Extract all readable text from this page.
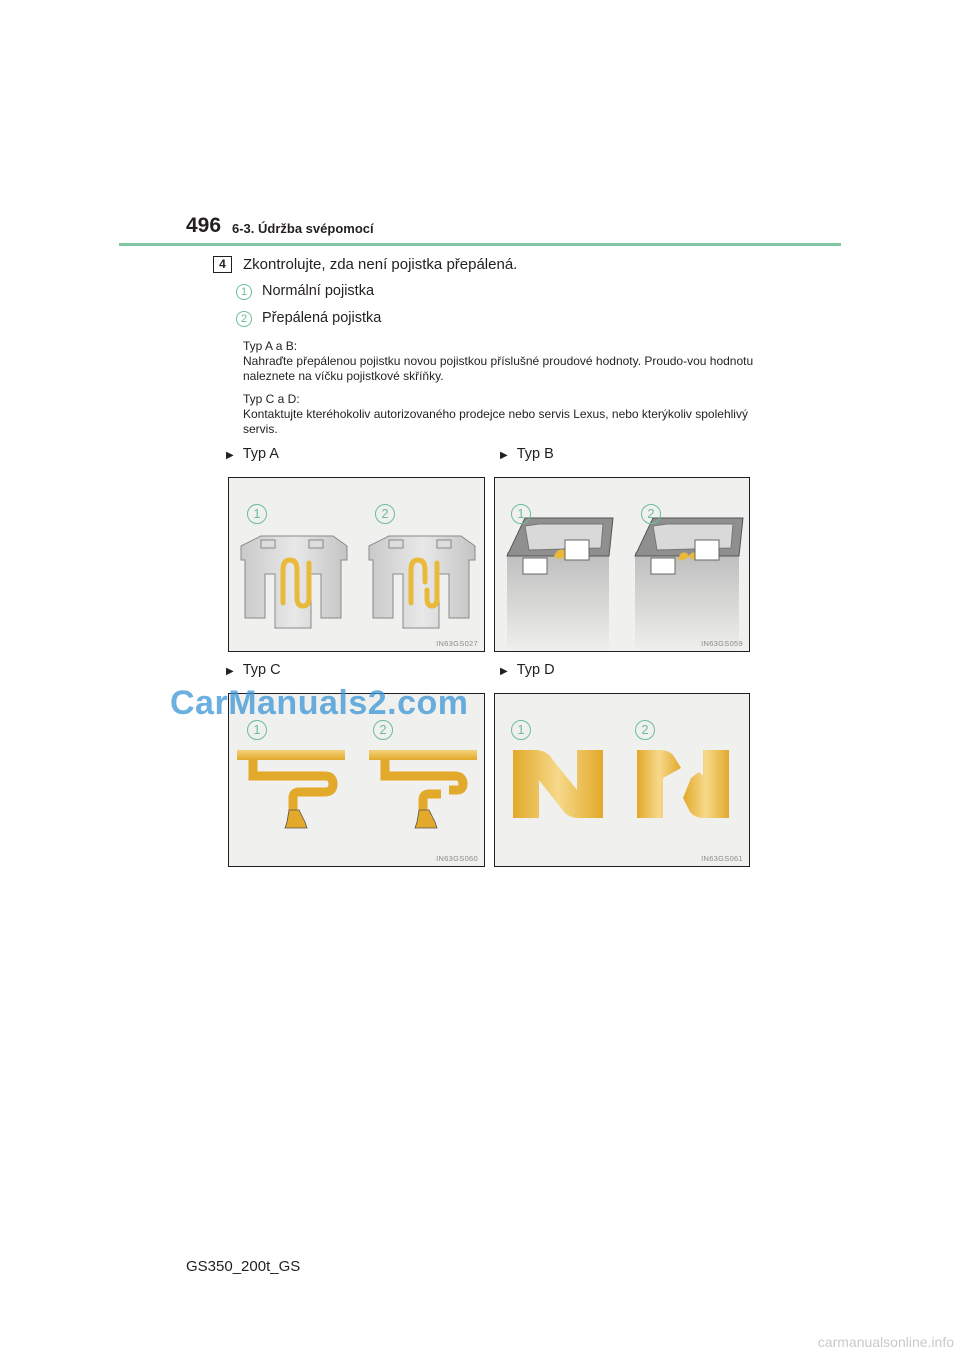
496 6-3. Údržba svépomocí
4	Zkontrolujte, zda není pojistka přepálená.
1	Normální pojistka
2	Přepálená pojistka
Typ A a B:
Nahraďte přepálenou pojistku novou pojistkou příslušné proudové hodnoty. Proudo-vou hodnotu naleznete na víčku pojistkové skříňky.
Typ C a D:
Kontaktujte kteréhokoliv autorizovaného prodejce nebo servis Lexus, nebo kterýkoliv spolehlivý servis.
▶ Typ A	▶ Typ B
▶ Typ C	▶ Typ D
1	2
IN63GS027
1	2
IN63GS059
1	2
IN63GS060
1	2
IN63GS061
CarManuals2.com
GS350_200t_GS
carmanualsonline.info
